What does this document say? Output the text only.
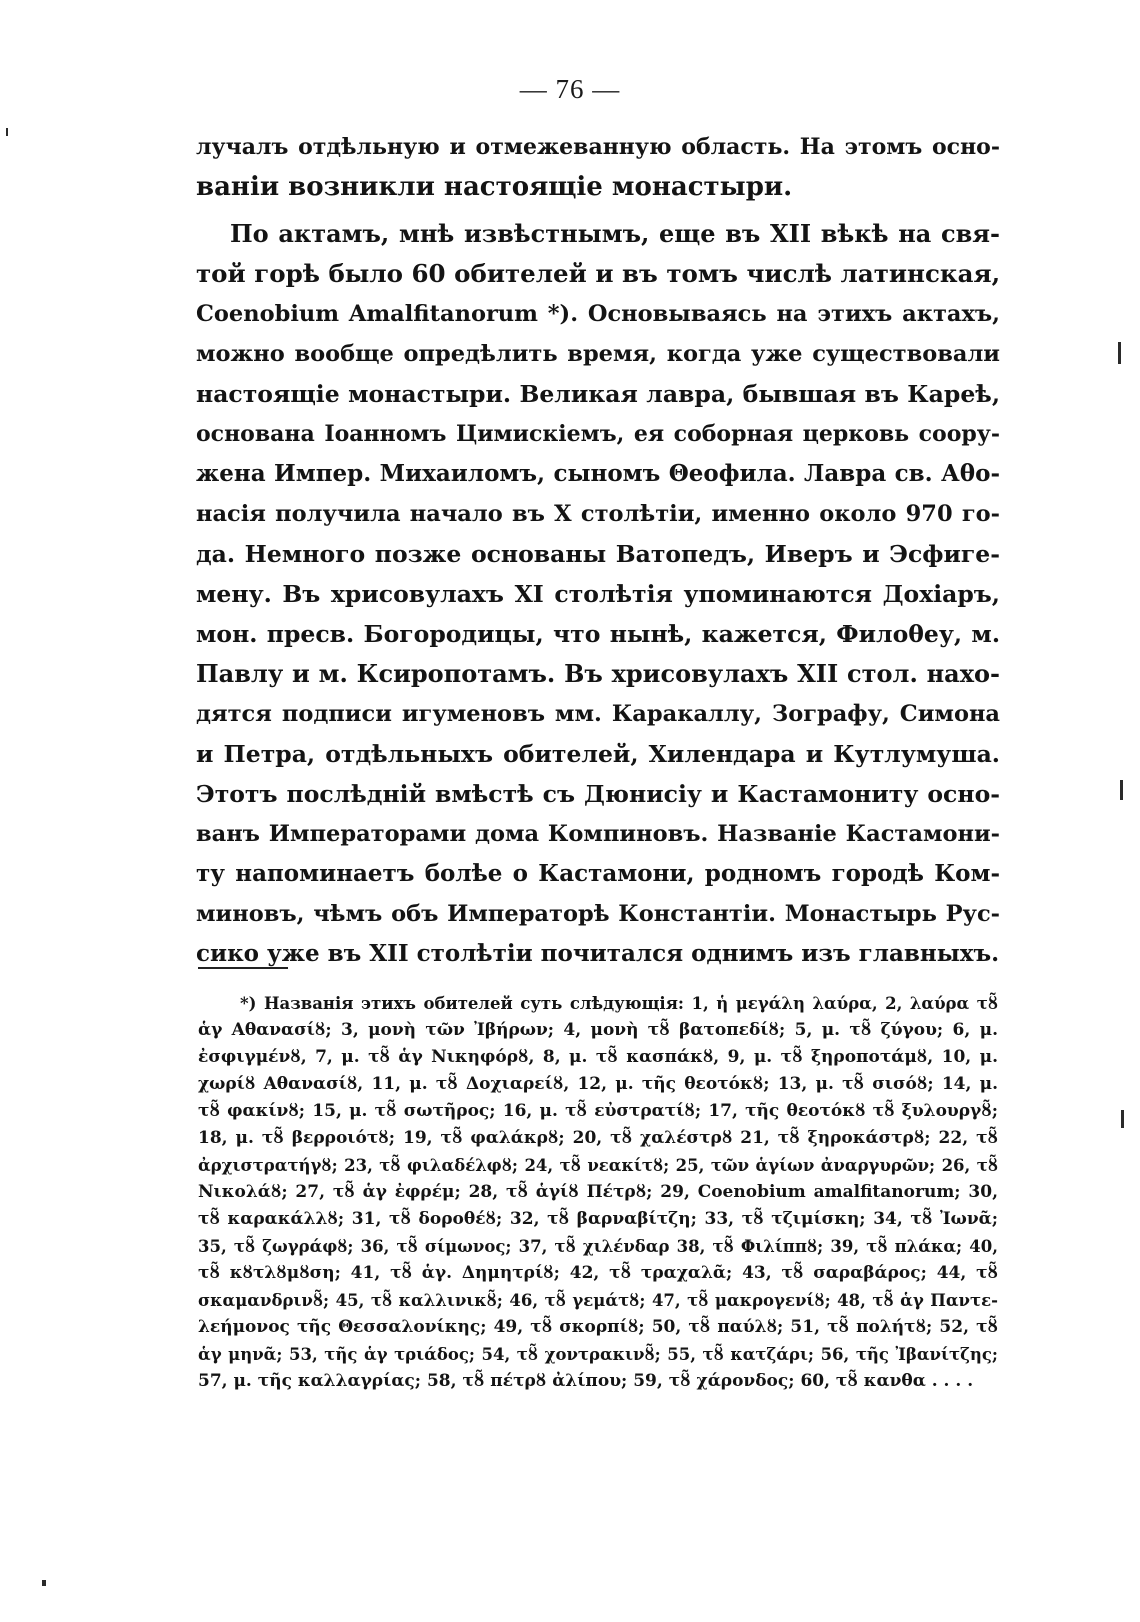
— 76 —
лучалъ отдѣльную и отмежеванную область. На этомъ осно-
ваніи возникли настоящіе монастыри.
По актамъ, мнѣ извѣстнымъ, еще въ XII вѣкѣ на свя-
той горѣ было 60 обителей и въ томъ числѣ латинская,
Coenobium Amalfitanorum *). Основываясь на этихъ актахъ,
можно вообще опредѣлить время, когда уже существовали
настоящіе монастыри. Великая лавра, бывшая въ Кареѣ,
основана Іоанномъ Цимискіемъ, ея соборная церковь соору-
жена Импер. Михаиломъ, сыномъ Θеофила. Лавра св. Аθо-
насія получила начало въ X столѣтіи, именно около 970 го-
да. Немного позже основаны Ватопедъ, Иверъ и Эсфиге-
мену. Въ хрисовулахъ XI столѣтія упоминаются Дохіаръ,
мон. пресв. Богородицы, что нынѣ, кажется, Филоθеу, м.
Павлу и м. Ксиропотамъ. Въ хрисовулахъ XII стол. нахо-
дятся подписи игуменовъ мм. Каракаллу, Зографу, Симона
и Петра, отдѣльныхъ обителей, Хилендара и Кутлумуша.
Этотъ послѣдній вмѣстѣ съ Дюнисіу и Кастамониту осно-
ванъ Императорами дома Компиновъ. Названіе Кастамони-
ту напоминаетъ болѣе о Кастамони, родномъ городѣ Ком-
миновъ, чѣмъ объ Императорѣ Константіи. Монастырь Рус-
сико уже въ XII столѣтіи почитался однимъ изъ главныхъ.
*) Названія этихъ обителей суть слѣдующія: 1, ἡ μεγάλη λαύρα, 2, λαύρα τȣ̃
ἁγ Αθανασίȣ; 3, μονὴ τῶν Ἰβήρων; 4, μονὴ τȣ̃ βατοπεδίȣ; 5, μ. τȣ̃ ζύγου; 6, μ.
ἐσφιγμένȣ, 7, μ. τȣ̃ ἁγ Νικηφόρȣ, 8, μ. τȣ̃ κασπάκȣ, 9, μ. τȣ̃ ξηροποτάμȣ, 10, μ.
χωρίȣ Αθανασίȣ, 11, μ. τȣ̃ Δοχιαρείȣ, 12, μ. τῆς θεοτόκȣ; 13, μ. τȣ̃ σισόȣ; 14, μ.
τȣ̃ φακίνȣ; 15, μ. τȣ̃ σωτῆρος; 16, μ. τȣ̃ εὐστρατίȣ; 17, τῆς θεοτόκȣ τȣ̃ ξυλουργȣ̃;
18, μ. τȣ̃ βερροιότȣ; 19, τȣ̃ φαλάκρȣ; 20, τȣ̃ χαλέστρȣ 21, τȣ̃ ξηροκάστρȣ; 22, τȣ̃
ἀρχιστρατήγȣ; 23, τȣ̃ φιλαδέλφȣ; 24, τȣ̃ νεακίτȣ; 25, τῶν ἁγίων ἀναργυρῶν; 26, τȣ̃
Νικολάȣ; 27, τȣ̃ ἁγ ἐφρέμ; 28, τȣ̃ ἁγίȣ Πέτρȣ; 29, Coenobium amalfitanorum; 30,
τȣ̃ καρακάλλȣ; 31, τȣ̃ δοροθέȣ; 32, τȣ̃ βαρναβίτζη; 33, τȣ̃ τζιμίσκη; 34, τȣ̃ Ἰωνᾶ;
35, τȣ̃ ζωγράφȣ; 36, τȣ̃ σίμωνος; 37, τȣ̃ χιλένδαρ 38, τȣ̃ Φιλίππȣ; 39, τȣ̃ πλάκα; 40,
τȣ̃ κȣτλȣμȣση; 41, τȣ̃ ἁγ. Δημητρίȣ; 42, τȣ̃ τραχαλᾶ; 43, τȣ̃ σαραβάρος; 44, τȣ̃
σκαμανδρινȣ̃; 45, τȣ̃ καλλινικȣ̃; 46, τȣ̃ γεμάτȣ; 47, τȣ̃ μακρογενίȣ; 48, τȣ̃ ἁγ Παντε-
λεήμονος τῆς Θεσσαλονίκης; 49, τȣ̃ σκορπίȣ; 50, τȣ̃ παύλȣ; 51, τȣ̃ πολήτȣ; 52, τȣ̃
ἁγ μηνᾶ; 53, τῆς ἁγ τριάδος; 54, τȣ̃ χοντρακινȣ̃; 55, τȣ̃ κατζάρι; 56, τῆς Ἰβανίτζης;
57, μ. τῆς καλλαγρίας; 58, τȣ̃ πέτρȣ ἀλίπου; 59, τȣ̃ χάρονδος; 60, τȣ̃ κανθα . . . .
